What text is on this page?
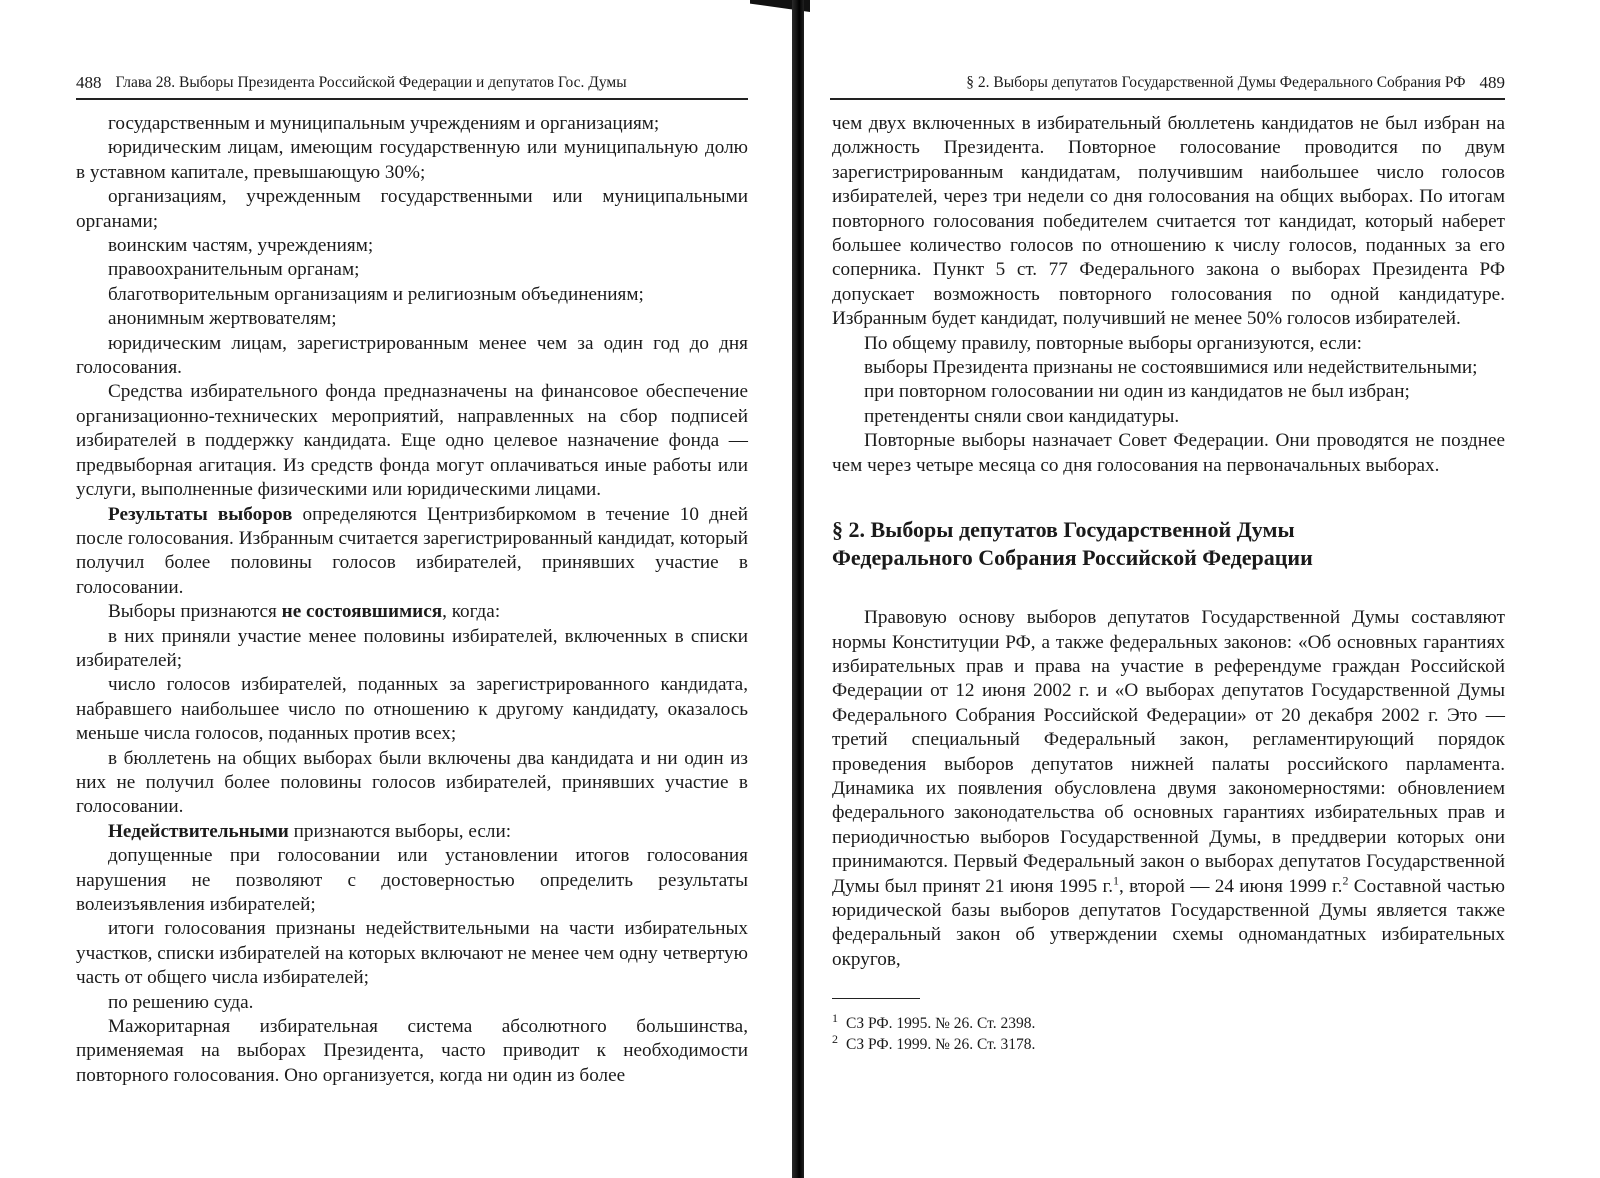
488 Глава 28. Выборы Президента Российской Федерации и депутатов Гос. Думы

государственным и муниципальным учреждениям и организациям;

юридическим лицам, имеющим государственную или муниципальную долю в уставном капитале, превышающую 30%;

организациям, учрежденным государственными или муниципальными органами;

воинским частям, учреждениям;

правоохранительным органам;

благотворительным организациям и религиозным объединениям;

анонимным жертвователям;

юридическим лицам, зарегистрированным менее чем за один год до дня голосования.

Средства избирательного фонда предназначены на финансовое обеспечение организационно-технических мероприятий, направленных на сбор подписей избирателей в поддержку кандидата. Еще одно целевое назначение фонда — предвыборная агитация. Из средств фонда могут оплачиваться иные работы или услуги, выполненные физическими или юридическими лицами.

Результаты выборов определяются Центризбиркомом в течение 10 дней после голосования. Избранным считается зарегистрированный кандидат, который получил более половины голосов избирателей, принявших участие в голосовании.

Выборы признаются не состоявшимися, когда:

в них приняли участие менее половины избирателей, включенных в списки избирателей;

число голосов избирателей, поданных за зарегистрированного кандидата, набравшего наибольшее число по отношению к другому кандидату, оказалось меньше числа голосов, поданных против всех;

в бюллетень на общих выборах были включены два кандидата и ни один из них не получил более половины голосов избирателей, принявших участие в голосовании.

Недействительными признаются выборы, если:

допущенные при голосовании или установлении итогов голосования нарушения не позволяют с достоверностью определить результаты волеизъявления избирателей;

итоги голосования признаны недействительными на части избирательных участков, списки избирателей на которых включают не менее чем одну четвертую часть от общего числа избирателей;

по решению суда.

Мажоритарная избирательная система абсолютного большинства, применяемая на выборах Президента, часто приводит к необходимости повторного голосования. Оно организуется, когда ни один из более

§ 2. Выборы депутатов Государственной Думы Федерального Собрания РФ 489

чем двух включенных в избирательный бюллетень кандидатов не был избран на должность Президента. Повторное голосование проводится по двум зарегистрированным кандидатам, получившим наибольшее число голосов избирателей, через три недели со дня голосования на общих выборах. По итогам повторного голосования победителем считается тот кандидат, который наберет большее количество голосов по отношению к числу голосов, поданных за его соперника. Пункт 5 ст. 77 Федерального закона о выборах Президента РФ допускает возможность повторного голосования по одной кандидатуре. Избранным будет кандидат, получивший не менее 50% голосов избирателей.

По общему правилу, повторные выборы организуются, если:

выборы Президента признаны не состоявшимися или недействительными;

при повторном голосовании ни один из кандидатов не был избран;

претенденты сняли свои кандидатуры.

Повторные выборы назначает Совет Федерации. Они проводятся не позднее чем через четыре месяца со дня голосования на первоначальных выборах.

§ 2. Выборы депутатов Государственной Думы
Федерального Собрания Российской Федерации

Правовую основу выборов депутатов Государственной Думы составляют нормы Конституции РФ, а также федеральных законов: «Об основных гарантиях избирательных прав и права на участие в референдуме граждан Российской Федерации от 12 июня 2002 г. и «О выборах депутатов Государственной Думы Федерального Собрания Российской Федерации» от 20 декабря 2002 г. Это — третий специальный Федеральный закон, регламентирующий порядок проведения выборов депутатов нижней палаты российского парламента. Динамика их появления обусловлена двумя закономерностями: обновлением федерального законодательства об основных гарантиях избирательных прав и периодичностью выборов Государственной Думы, в преддверии которых они принимаются. Первый Федеральный закон о выборах депутатов Государственной Думы был принят 21 июня 1995 г.$^1$, второй — 24 июня 1999 г.$^2$ Составной частью юридической базы выборов депутатов Государственной Думы является также федеральный закон об утверждении схемы одномандатных избирательных округов,

$^1$ СЗ РФ. 1995. № 26. Ст. 2398.

$^2$ СЗ РФ. 1999. № 26. Ст. 3178.
